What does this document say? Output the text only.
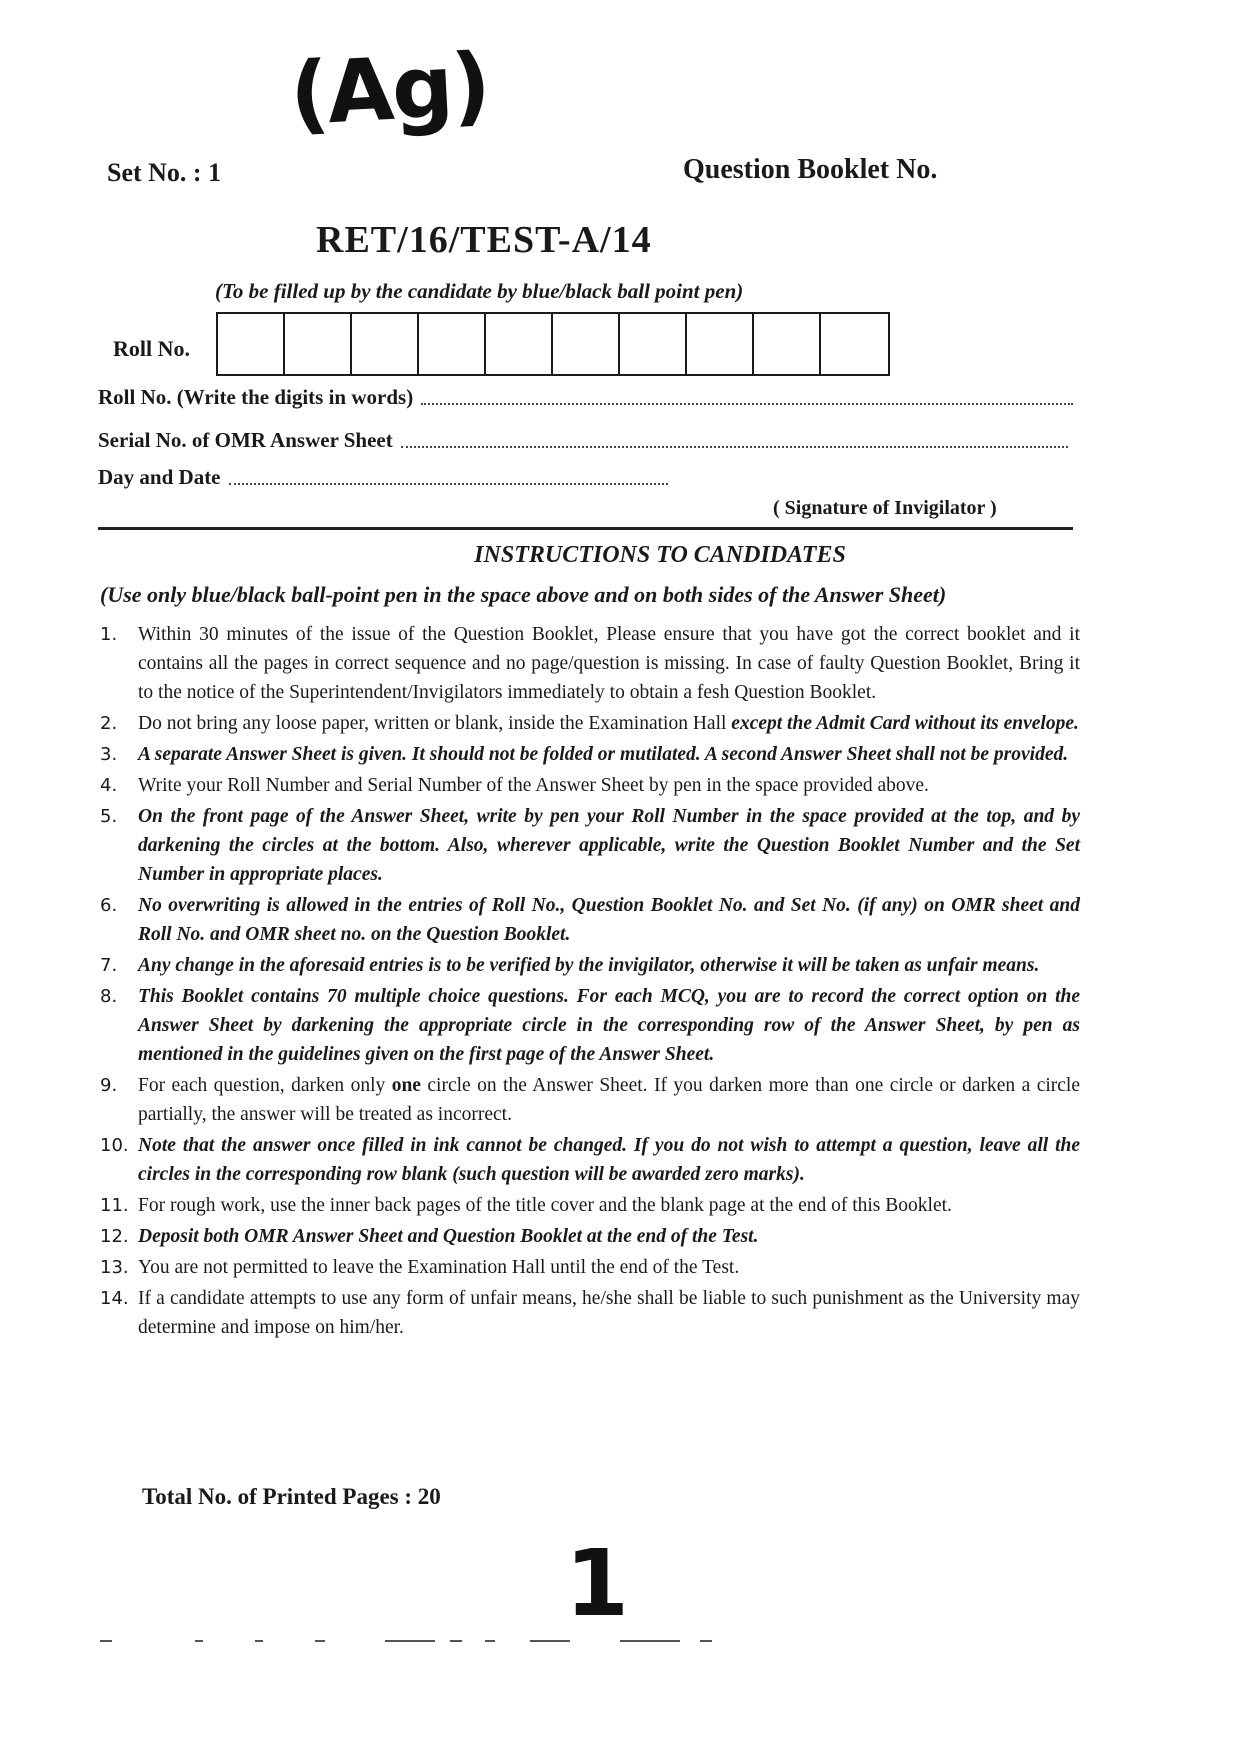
(Ag)
Set No. : 1	Question Booklet No.
RET/16/TEST-A/14
(To be filled up by the candidate by blue/black ball point pen)
Roll No.
Roll No. (Write the digits in words)
Serial No. of OMR Answer Sheet
Day and Date
( Signature of Invigilator )
INSTRUCTIONS TO CANDIDATES
(Use only blue/black ball-point pen in the space above and on both sides of the Answer Sheet)
1.	Within 30 minutes of the issue of the Question Booklet, Please ensure that you have got the correct booklet and it contains all the pages in correct sequence and no page/question is missing. In case of faulty Question Booklet, Bring it to the notice of the Superintendent/Invigilators immediately to obtain a fesh Question Booklet.
2.	Do not bring any loose paper, written or blank, inside the Examination Hall except the Admit Card without its envelope.
3.	A separate Answer Sheet is given. It should not be folded or mutilated. A second Answer Sheet shall not be provided.
4.	Write your Roll Number and Serial Number of the Answer Sheet by pen in the space provided above.
5.	On the front page of the Answer Sheet, write by pen your Roll Number in the space provided at the top, and by darkening the circles at the bottom. Also, wherever applicable, write the Question Booklet Number and the Set Number in appropriate places.
6.	No overwriting is allowed in the entries of Roll No., Question Booklet No. and Set No. (if any) on OMR sheet and Roll No. and OMR sheet no. on the Question Booklet.
7.	Any change in the aforesaid entries is to be verified by the invigilator, otherwise it will be taken as unfair means.
8.	This Booklet contains 70 multiple choice questions. For each MCQ, you are to record the correct option on the Answer Sheet by darkening the appropriate circle in the corresponding row of the Answer Sheet, by pen as mentioned in the guidelines given on the first page of the Answer Sheet.
9.	For each question, darken only one circle on the Answer Sheet. If you darken more than one circle or darken a circle partially, the answer will be treated as incorrect.
10. Note that the answer once filled in ink cannot be changed. If you do not wish to attempt a question, leave all the circles in the corresponding row blank (such question will be awarded zero marks).
11. For rough work, use the inner back pages of the title cover and the blank page at the end of this Booklet.
12. Deposit both OMR Answer Sheet and Question Booklet at the end of the Test.
13. You are not permitted to leave the Examination Hall until the end of the Test.
14. If a candidate attempts to use any form of unfair means, he/she shall be liable to such punishment as the University may determine and impose on him/her.
Total No. of Printed Pages : 20
1
